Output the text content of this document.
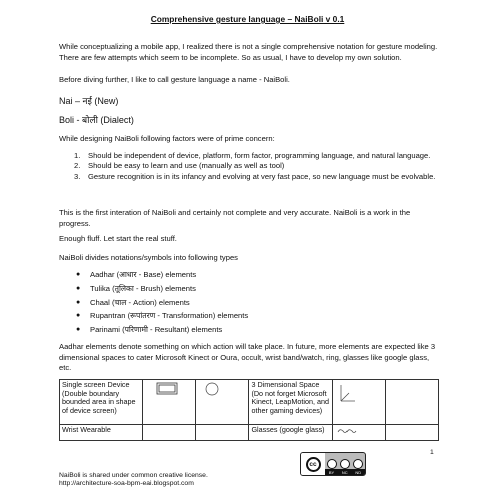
Comprehensive gesture language – NaiBoli v 0.1

While conceptualizing a mobile app, I realized there is not a single comprehensive notation for gesture modeling. There are few attempts which seem to be incomplete. So as usual, I have to develop my own solution.

Before diving further, I like to call gesture language a name - NaiBoli.

Nai – नई (New)

Boli - बोली (Dialect)

While designing NaiBoli following factors were of prime concern:

1. Should be independent of device, platform, form factor, programming language, and natural language.
2. Should be easy to learn and use (manually as well as tool)
3. Gesture recognition is in its infancy and evolving at very fast pace, so new language must be evolvable.

This is the first interation of NaiBoli and certainly not complete and very accurate. NaiBoli is a work in the progress.

Enough fluff. Let start the real stuff.

NaiBoli divides notations/symbols into following types

● Aadhar (आधार - Base) elements
● Tulika (तूलिका - Brush) elements
● Chaal (चाल - Action) elements
● Rupantran (रूपांतरण - Transformation) elements
● Parinami (परिणामी - Resultant) elements

Aadhar elements denote something on which action will take place. In future, more elements are expected like 3 dimensional spaces to cater Microsoft Kinect or Oura, occult, wrist band/watch, ring, glasses like google glass, etc.

Single screen Device (Double boundary bounded area in shape of device screen)			3 Dimensional Space (Do not forget Microsoft Kinect, LeapMotion, and other gaming devices)		
Wrist Wearable			Glasses (google glass)		
1
cc
BY NC ND
NaiBoli is shared under common creative license.
http://architecture-soa-bpm-eai.blogspot.com
